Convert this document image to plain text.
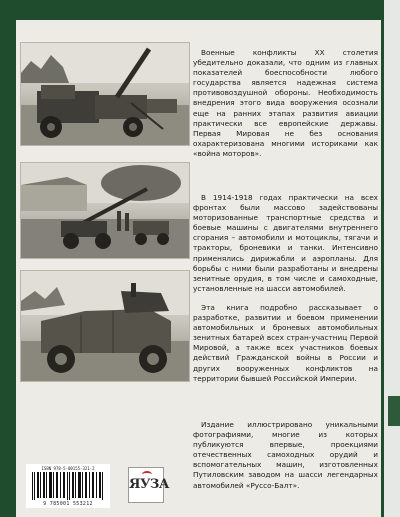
Военные конфликты XX столетия убедительно доказали, что одним из главных показателей боеспособности любого государства является надежная система противовоздушной обороны. Необходимость внедрения этого вида вооружения осознали еще на ранних этапах развития авиации практически все европейские державы. Первая Мировая не без основания охарактеризована многими историками как «война моторов».

В 1914-1918 годах практически на всех фронтах были массово задействованы моторизованные транспортные средства и боевые машины с двигателями внутреннего сгорания – автомобили и мотоциклы, тягачи и тракторы, броневики и танки. Интенсивно применялись дирижабли и аэропланы. Для борьбы с ними были разработаны и внедрены зенитные орудия, в том числе и самоходные, установленные на шасси автомобилей.

Эта книга подробно рассказывает о разработке, развитии и боевом применении автомобильных и броневых автомобильных зенитных батарей всех стран-участниц Первой Мировой, а также всех участников боевых действий Гражданской войны в России и других вооруженных конфликтов на территории бывшей Российской Империи.

Издание иллюстрировано уникальными фотографиями, многие из которых публикуются впервые, проекциями отечественных самоходных орудий и вспомогательных машин, изготовленных Путиловским заводом на шасси легендарных автомобилей «Руссо-Балт».

ISBN 978-5-00155-321-2
9 785001 553212
ЯУЗА
